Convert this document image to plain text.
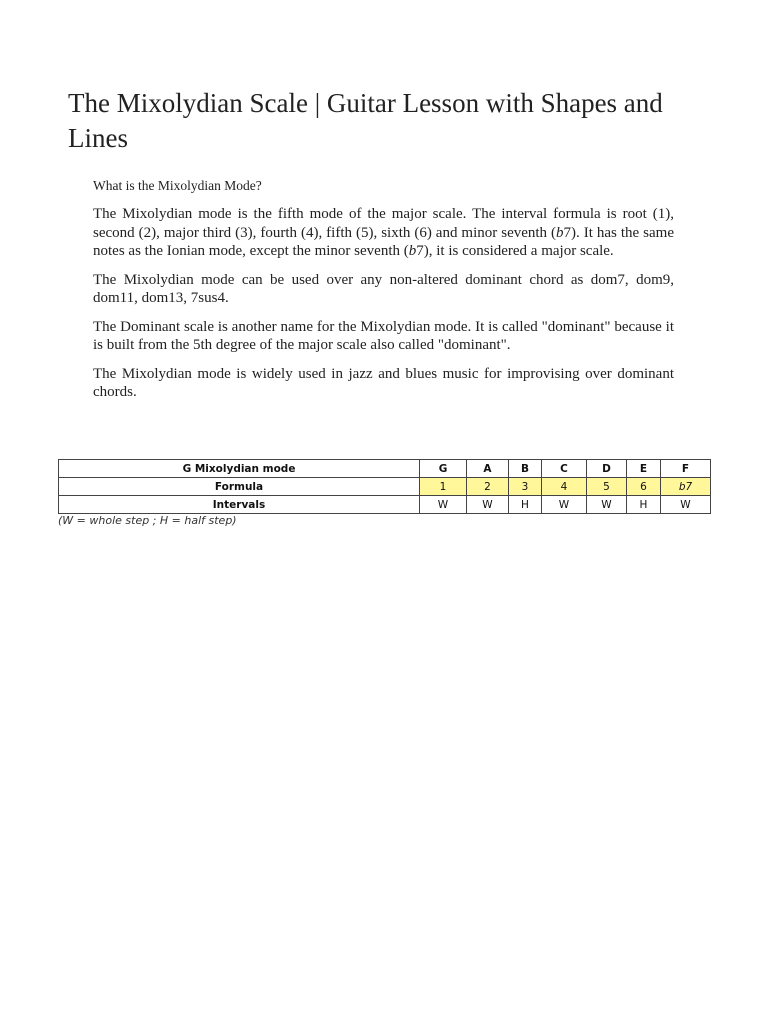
The Mixolydian Scale | Guitar Lesson with Shapes and Lines

What is the Mixolydian Mode?

The Mixolydian mode is the fifth mode of the major scale. The interval formula is root (1), second (2), major third (3), fourth (4), fifth (5), sixth (6) and minor seventh (b7). It has the same notes as the Ionian mode, except the minor seventh (b7), it is considered a major scale.

The Mixolydian mode can be used over any non-altered dominant chord as dom7, dom9, dom11, dom13, 7sus4.

The Dominant scale is another name for the Mixolydian mode. It is called "dominant" because it is built from the 5th degree of the major scale also called "dominant".

The Mixolydian mode is widely used in jazz and blues music for improvising over dominant chords.

G Mixolydian mode	G	A	B	C	D	E	F
Formula	1	2	3	4	5	6	b7
Intervals	W	W	H	W	W	H	W
(W = whole step ; H = half step)
